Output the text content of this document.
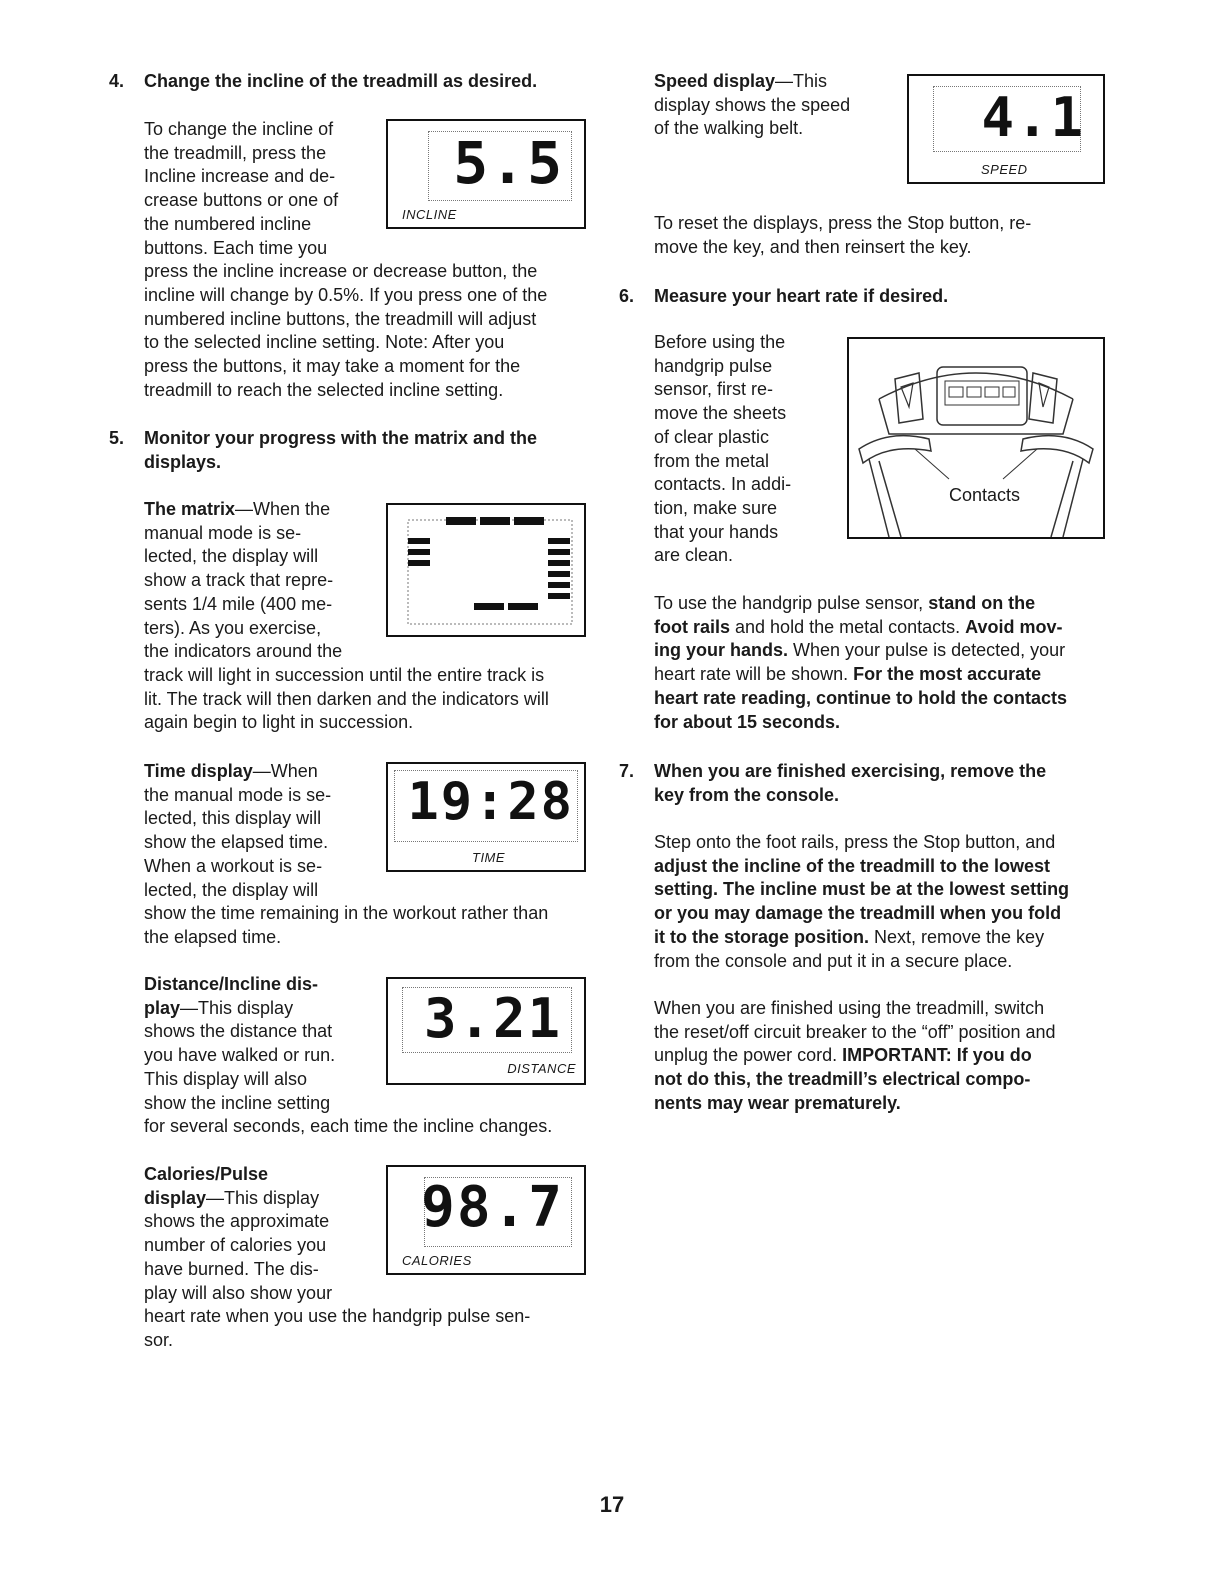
4. Change the incline of the treadmill as desired.

To change the incline of

the treadmill, press the

Incline increase and de-

crease buttons or one of

the numbered incline

buttons. Each time you

press the incline increase or decrease button, the

incline will change by 0.5%. If you press one of the

numbered incline buttons, the treadmill will adjust

to the selected incline setting. Note: After you

press the buttons, it may take a moment for the

treadmill to reach the selected incline setting.

5.5
INCLINE
5. Monitor your progress with the matrix and the
displays.

The matrix—When the

manual mode is se-

lected, the display will

show a track that repre-

sents 1/4 mile (400 me-

ters). As you exercise,

the indicators around the

track will light in succession until the entire track is

lit. The track will then darken and the indicators will

again begin to light in succession.

Time display—When

the manual mode is se-

lected, this display will

show the elapsed time.

When a workout is se-

lected, the display will

show the time remaining in the workout rather than

the elapsed time.

19:28
TIME

Distance/Incline dis-

play—This display

shows the distance that

you have walked or run.

This display will also

show the incline setting

for several seconds, each time the incline changes.

3.21
DISTANCE

Calories/Pulse

display—This display

shows the approximate

number of calories you

have burned. The dis-

play will also show your

heart rate when you use the handgrip pulse sen-

sor.

98.7
CALORIES

Speed display—This

display shows the speed

of the walking belt.	4.1
SPEED

To reset the displays, press the Stop button, re-

move the key, and then reinsert the key.

6. Measure your heart rate if desired.

Before using the

handgrip pulse

sensor, first re-

move the sheets

of clear plastic

from the metal

contacts. In addi-

tion, make sure

that your hands

are clean.

Contacts

To use the handgrip pulse sensor, stand on the

foot rails and hold the metal contacts. Avoid mov-

ing your hands. When your pulse is detected, your

heart rate will be shown. For the most accurate

heart rate reading, continue to hold the contacts

for about 15 seconds.

7. When you are finished exercising, remove the
key from the console.

Step onto the foot rails, press the Stop button, and

adjust the incline of the treadmill to the lowest

setting. The incline must be at the lowest setting

or you may damage the treadmill when you fold

it to the storage position. Next, remove the key

from the console and put it in a secure place.

When you are finished using the treadmill, switch

the reset/off circuit breaker to the “off” position and

unplug the power cord. IMPORTANT: If you do

not do this, the treadmill’s electrical compo-

nents may wear prematurely.

17
